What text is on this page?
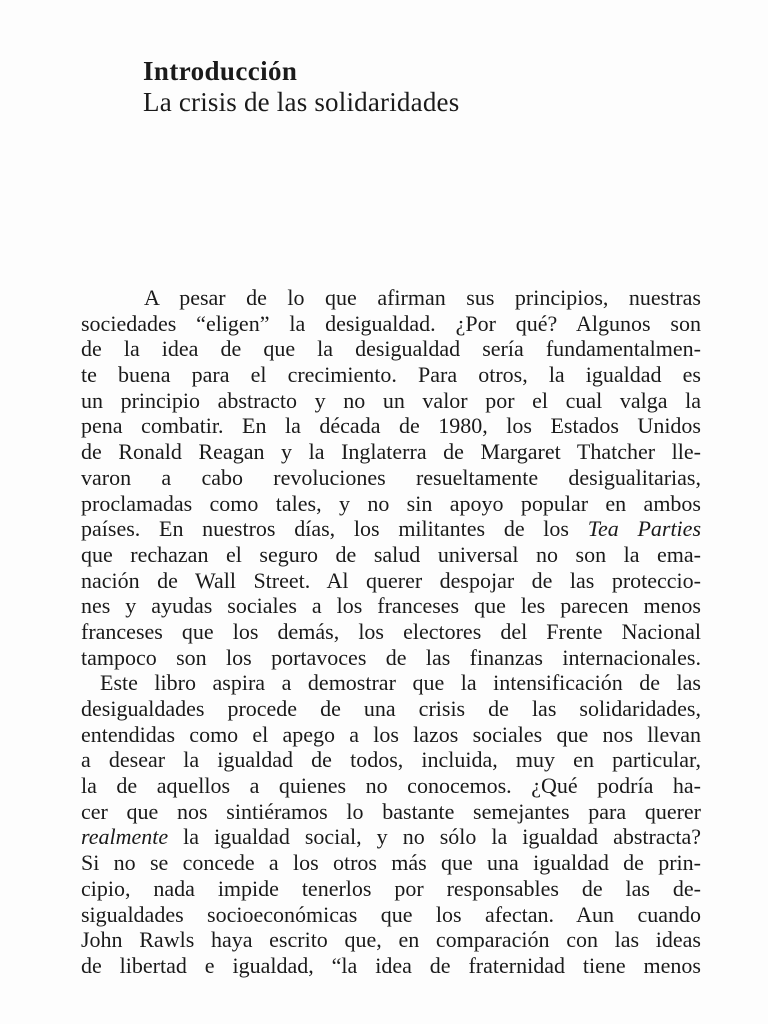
Introducción
La crisis de las solidaridades
A pesar de lo que afirman sus principios, nuestras
sociedades “eligen” la desigualdad. ¿Por qué? Algunos son
de la idea de que la desigualdad sería fundamentalmen-
te buena para el crecimiento. Para otros, la igualdad es
un principio abstracto y no un valor por el cual valga la
pena combatir. En la década de 1980, los Estados Unidos
de Ronald Reagan y la Inglaterra de Margaret Thatcher lle-
varon a cabo revoluciones resueltamente desigualitarias,
proclamadas como tales, y no sin apoyo popular en ambos
países. En nuestros días, los militantes de los Tea Parties
que rechazan el seguro de salud universal no son la ema-
nación de Wall Street. Al querer despojar de las proteccio-
nes y ayudas sociales a los franceses que les parecen menos
franceses que los demás, los electores del Frente Nacional
tampoco son los portavoces de las finanzas internacionales.
Este libro aspira a demostrar que la intensificación de las
desigualdades procede de una crisis de las solidaridades,
entendidas como el apego a los lazos sociales que nos llevan
a desear la igualdad de todos, incluida, muy en particular,
la de aquellos a quienes no conocemos. ¿Qué podría ha-
cer que nos sintiéramos lo bastante semejantes para querer
realmente la igualdad social, y no sólo la igualdad abstracta?
Si no se concede a los otros más que una igualdad de prin-
cipio, nada impide tenerlos por responsables de las de-
sigualdades socioeconómicas que los afectan. Aun cuando
John Rawls haya escrito que, en comparación con las ideas
de libertad e igualdad, “la idea de fraternidad tiene menos
